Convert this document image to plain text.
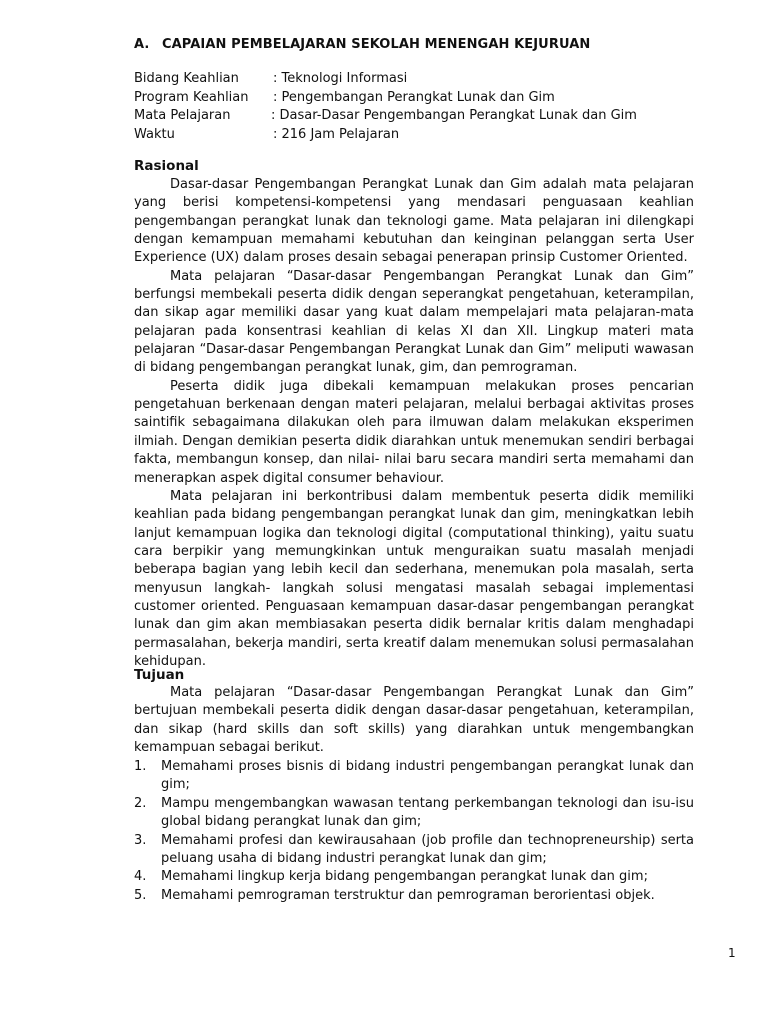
A. CAPAIAN PEMBELAJARAN SEKOLAH MENENGAH KEJURUAN
Bidang Keahlian	: Teknologi Informasi
Program Keahlian : Pengembangan Perangkat Lunak dan Gim
Mata Pelajaran	: Dasar-Dasar Pengembangan Perangkat Lunak dan Gim
Waktu	: 216 Jam Pelajaran
Rasional

Dasar-dasar Pengembangan Perangkat Lunak dan Gim adalah mata pelajaran yang berisi kompetensi-kompetensi yang mendasari penguasaan keahlian pengembangan perangkat lunak dan teknologi game. Mata pelajaran ini dilengkapi dengan kemampuan memahami kebutuhan dan keinginan pelanggan serta User Experience (UX) dalam proses desain sebagai penerapan prinsip Customer Oriented.

Mata pelajaran “Dasar-dasar Pengembangan Perangkat Lunak dan Gim” berfungsi membekali peserta didik dengan seperangkat pengetahuan, keterampilan, dan sikap agar memiliki dasar yang kuat dalam mempelajari mata pelajaran-mata pelajaran pada konsentrasi keahlian di kelas XI dan XII. Lingkup materi mata pelajaran “Dasar-dasar Pengembangan Perangkat Lunak dan Gim” meliputi wawasan di bidang pengembangan perangkat lunak, gim, dan pemrograman.

Peserta didik juga dibekali kemampuan melakukan proses pencarian pengetahuan berkenaan dengan materi pelajaran, melalui berbagai aktivitas proses saintifik sebagaimana dilakukan oleh para ilmuwan dalam melakukan eksperimen ilmiah. Dengan demikian peserta didik diarahkan untuk menemukan sendiri berbagai fakta, membangun konsep, dan nilai- nilai baru secara mandiri serta memahami dan menerapkan aspek digital consumer behaviour.

Mata pelajaran ini berkontribusi dalam membentuk peserta didik memiliki keahlian pada bidang pengembangan perangkat lunak dan gim, meningkatkan lebih lanjut kemampuan logika dan teknologi digital (computational thinking), yaitu suatu cara berpikir yang memungkinkan untuk menguraikan suatu masalah menjadi beberapa bagian yang lebih kecil dan sederhana, menemukan pola masalah, serta menyusun langkah- langkah solusi mengatasi masalah sebagai implementasi customer oriented. Penguasaan kemampuan dasar-dasar pengembangan perangkat lunak dan gim akan membiasakan peserta didik bernalar kritis dalam menghadapi permasalahan, bekerja mandiri, serta kreatif dalam menemukan solusi permasalahan kehidupan.

Tujuan

Mata pelajaran “Dasar-dasar Pengembangan Perangkat Lunak dan Gim” bertujuan membekali peserta didik dengan dasar-dasar pengetahuan, keterampilan, dan sikap (hard skills dan soft skills) yang diarahkan untuk mengembangkan kemampuan sebagai berikut.

1. Memahami proses bisnis di bidang industri pengembangan perangkat lunak dan gim;
2. Mampu mengembangkan wawasan tentang perkembangan teknologi dan isu-isu global bidang perangkat lunak dan gim;
3. Memahami profesi dan kewirausahaan (job profile dan technopreneurship) serta peluang usaha di bidang industri perangkat lunak dan gim;
4. Memahami lingkup kerja bidang pengembangan perangkat lunak dan gim;
5. Memahami pemrograman terstruktur dan pemrograman berorientasi objek.
1
